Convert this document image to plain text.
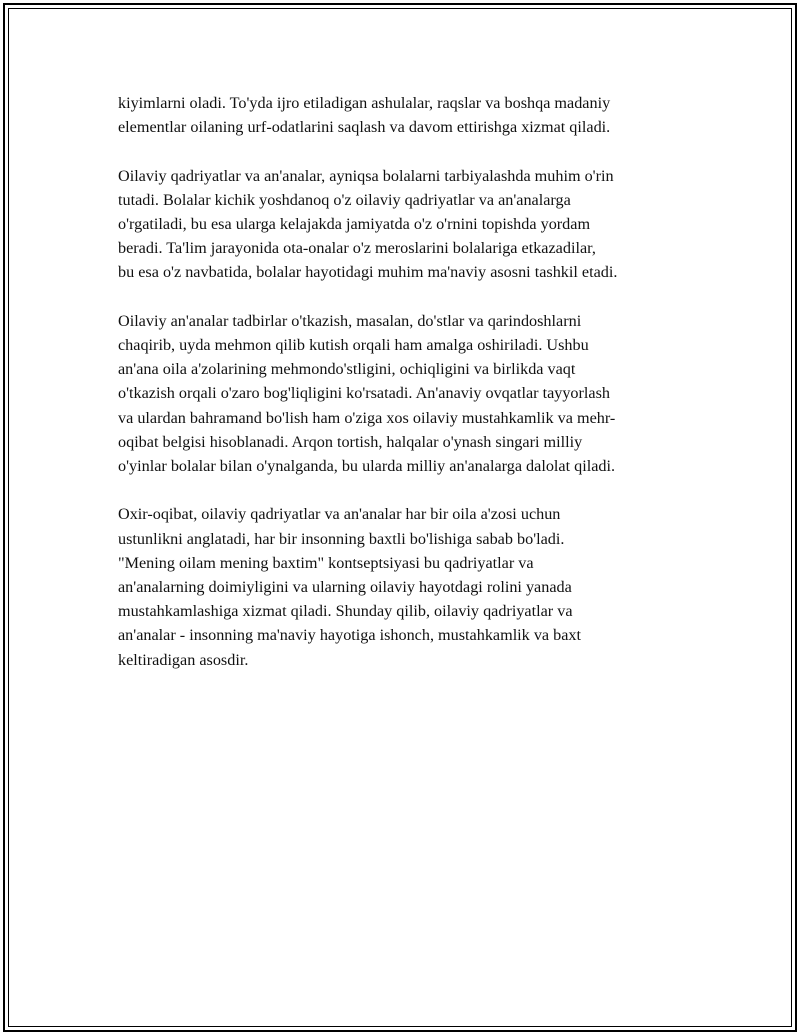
kiyimlarni oladi. To'yda ijro etiladigan ashulalar, raqslar va boshqa madaniy
elementlar oilaning urf-odatlarini saqlash va davom ettirishga xizmat qiladi.

Oilaviy qadriyatlar va an'analar, ayniqsa bolalarni tarbiyalashda muhim o'rin
tutadi. Bolalar kichik yoshdanoq o'z oilaviy qadriyatlar va an'analarga
o'rgatiladi, bu esa ularga kelajakda jamiyatda o'z o'rnini topishda yordam
beradi. Ta'lim jarayonida ota-onalar o'z meroslarini bolalariga etkazadilar,
bu esa o'z navbatida, bolalar hayotidagi muhim ma'naviy asosni tashkil etadi.

Oilaviy an'analar tadbirlar o'tkazish, masalan, do'stlar va qarindoshlarni
chaqirib, uyda mehmon qilib kutish orqali ham amalga oshiriladi. Ushbu
an'ana oila a'zolarining mehmondo'stligini, ochiqligini va birlikda vaqt
o'tkazish orqali o'zaro bog'liqligini ko'rsatadi. An'anaviy ovqatlar tayyorlash
va ulardan bahramand bo'lish ham o'ziga xos oilaviy mustahkamlik va mehr-
oqibat belgisi hisoblanadi. Arqon tortish, halqalar o'ynash singari milliy
o'yinlar bolalar bilan o'ynalganda, bu ularda milliy an'analarga dalolat qiladi.

Oxir-oqibat, oilaviy qadriyatlar va an'analar har bir oila a'zosi uchun
ustunlikni anglatadi, har bir insonning baxtli bo'lishiga sabab bo'ladi.
"Mening oilam mening baxtim" kontseptsiyasi bu qadriyatlar va
an'analarning doimiyligini va ularning oilaviy hayotdagi rolini yanada
mustahkamlashiga xizmat qiladi. Shunday qilib, oilaviy qadriyatlar va
an'analar - insonning ma'naviy hayotiga ishonch, mustahkamlik va baxt
keltiradigan asosdir.
